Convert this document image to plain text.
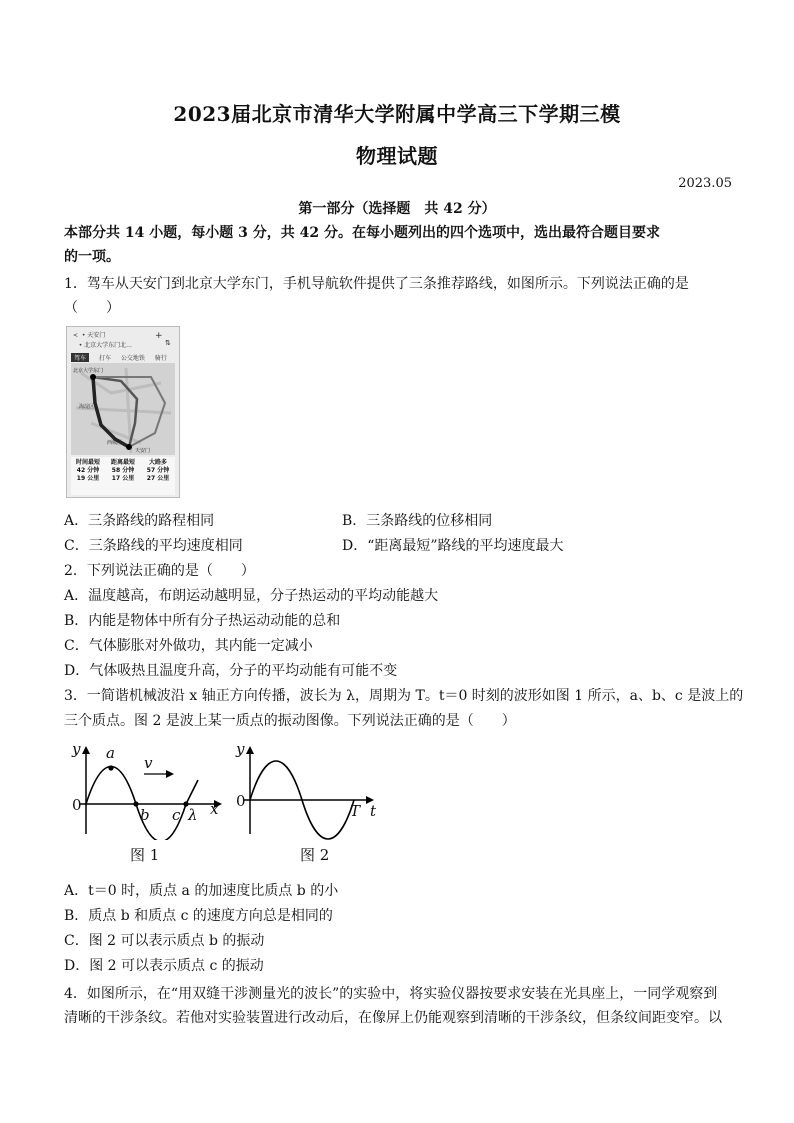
2023届北京市清华大学附属中学高三下学期三模
物理试题
2023.05
第一部分（选择题　共 42 分）
本部分共 14 小题，每小题 3 分，共 42 分。在每小题列出的四个选项中，选出最符合题目要求
的一项。
1．驾车从天安门到北京大学东门，手机导航软件提供了三条推荐路线，如图所示。下列说法正确的是
（　　）
< • 天安门
• 北京大学东门北...
+
⇅
驾车 打车 公交地铁 骑行
北京大学东门
海淀区
西城区
天安门
时间最短
42 分钟
19 公里
距离最短
58 分钟
17 公里
大路多
57 分钟
27 公里
A．三条路线的路程相同	B．三条路线的位移相同
C．三条路线的平均速度相同	D．“距离最短”路线的平均速度最大
2．下列说法正确的是（　　）
A．温度越高，布朗运动越明显，分子热运动的平均动能越大
B．内能是物体中所有分子热运动动能的总和
C．气体膨胀对外做功，其内能一定减小
D．气体吸热且温度升高，分子的平均动能有可能不变
3．一简谐机械波沿 x 轴正方向传播，波长为 λ，周期为 T。t＝0 时刻的波形如图 1 所示，a、b、c 是波上的
三个质点。图 2 是波上某一质点的振动图像。下列说法正确的是（　　）
y
0
a
v
b c λ x
图 1
y
0
T t
图 2
A．t＝0 时，质点 a 的加速度比质点 b 的小
B．质点 b 和质点 c 的速度方向总是相同的
C．图 2 可以表示质点 b 的振动
D．图 2 可以表示质点 c 的振动
4．如图所示，在“用双缝干涉测量光的波长”的实验中，将实验仪器按要求安装在光具座上，一同学观察到
清晰的干涉条纹。若他对实验装置进行改动后，在像屏上仍能观察到清晰的干涉条纹，但条纹间距变窄。以
